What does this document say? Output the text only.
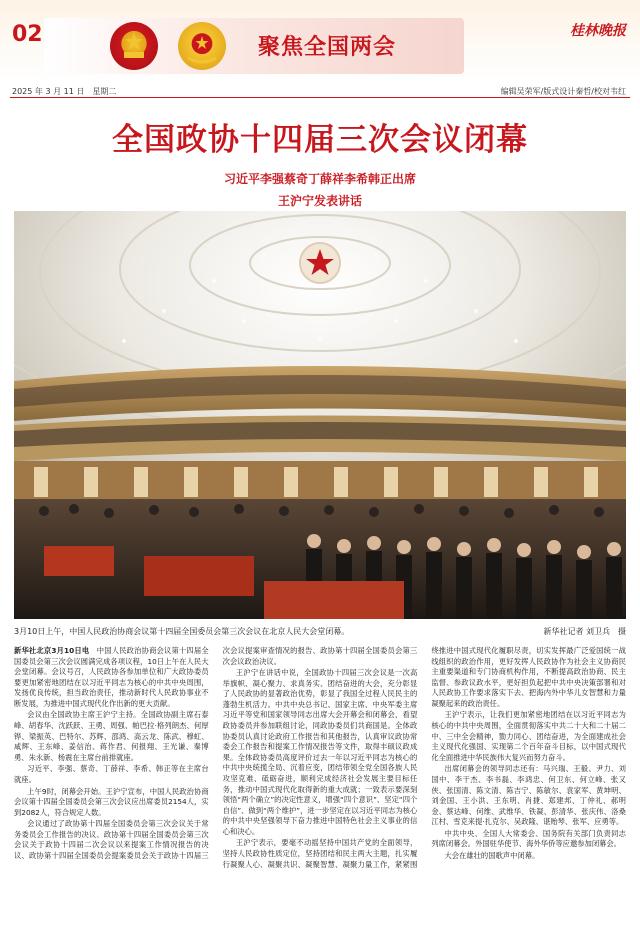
02	聚焦全国两会
桂林晚报
2025 年 3 月 11 日　星期二	编辑吴荣军/版式设计秦哲/校对韦红
全国政协十四届三次会议闭幕
习近平李强蔡奇丁薛祥李希韩正出席
王沪宁发表讲话
3月10日上午，中国人民政治协商会议第十四届全国委员会第三次会议在北京人民大会堂闭幕。	新华社记者 刘卫兵　摄

新华社北京3月10日电　 中国人民政治协商会议第十四届全国委员会第三次会议圆满完成各项议程，10日上午在人民大会堂闭幕。会议号召，人民政协各参加单位和广大政协委员要更加紧密地团结在以习近平同志为核心的中共中央周围，发扬优良传统，担当政治责任，推动新时代人民政协事业不断发展，为推进中国式现代化作出新的更大贡献。

会议由全国政协主席王沪宁主持。全国政协副主席石泰峰、胡春华、沈跃跃、王勇、周强、帕巴拉·格列朗杰、何厚铧、梁振英、巴特尔、苏辉、邵鸿、高云龙、陈武、穆虹、咸辉、王东峰、姜信治、蒋作君、何报翔、王光谦、秦博勇、朱永新、杨震在主席台前排就座。

习近平、李强、蔡奇、丁薛祥、李希、韩正等在主席台就座。

上午9时，闭幕会开始。王沪宁宣布，中国人民政治协商会议第十四届全国委员会第三次会议应出席委员2154人，实到2082人，符合规定人数。

会议通过了政协第十四届全国委员会第三次会议关于常务委员会工作报告的决议、政协第十四届全国委员会第三次会议关于政协十四届二次会议以来提案工作情况报告的决议、政协第十四届全国委员会提案委员会关于政协十四届三次会议提案审查情况的报告、政协第十四届全国委员会第三次会议政治决议。

王沪宁在讲话中说，全国政协十四届三次会议是一次高举旗帜、凝心聚力、求真务实、团结奋进的大会，充分彰显了人民政协的显著政治优势，彰显了我国全过程人民民主的蓬勃生机活力。中共中央总书记、国家主席、中央军委主席习近平等党和国家领导同志出席大会开幕会和闭幕会，看望政协委员并参加联组讨论，同政协委员们共商国是。全体政协委员认真讨论政府工作报告和其他报告，认真审议政协常委会工作报告和提案工作情况报告等文件，取得丰硕议政成果。全体政协委员高度评价过去一年以习近平同志为核心的中共中央统揽全局、沉着应变，团结带领全党全国各族人民攻坚克难、砥砺奋进，顺利完成经济社会发展主要目标任务，推动中国式现代化取得新的重大成就；一致表示要深刻领悟“两个确立”的决定性意义，增强“四个意识”、坚定“四个自信”、做到“两个维护”，进一步坚定在以习近平同志为核心的中共中央坚强领导下奋力推进中国特色社会主义事业的信心和决心。

王沪宁表示，要毫不动摇坚持中国共产党的全面领导，坚持人民政协性质定位，坚持团结和民主两大主题，扎实履行凝聚人心、凝聚共识、凝聚智慧、凝聚力量工作，紧紧围绕推进中国式现代化履职尽责，切实发挥最广泛爱国统一战线组织的政治作用，更好发挥人民政协作为社会主义协商民主重要渠道和专门协商机构作用，不断提高政治协商、民主监督、参政议政水平，更好担负起把中共中央决策部署和对人民政协工作要求落实下去、把海内外中华儿女智慧和力量凝聚起来的政治责任。

王沪宁表示，让我们更加紧密地团结在以习近平同志为核心的中共中央周围，全面贯彻落实中共二十大和二十届二中、三中全会精神，勠力同心、团结奋进，为全面建成社会主义现代化强国、实现第二个百年奋斗目标，以中国式现代化全面推进中华民族伟大复兴而努力奋斗。

出席闭幕会的领导同志还有：马兴瑞、王毅、尹力、刘国中、李干杰、李书磊、李鸿忠、何卫东、何立峰、张又侠、张国清、陈文清、陈吉宁、陈敏尔、袁家军、黄坤明、刘金国、王小洪、王东明、肖捷、郑建邦、丁仲礼、郝明金、蔡达峰、何维、武维华、铁凝、彭清华、张庆伟、洛桑江村、雪克来提·扎克尔、吴政隆、谌贻琴、张军、应勇等。

中共中央、全国人大常委会、国务院有关部门负责同志列席闭幕会。外国驻华使节、海外华侨等应邀参加闭幕会。

大会在雄壮的国歌声中闭幕。
